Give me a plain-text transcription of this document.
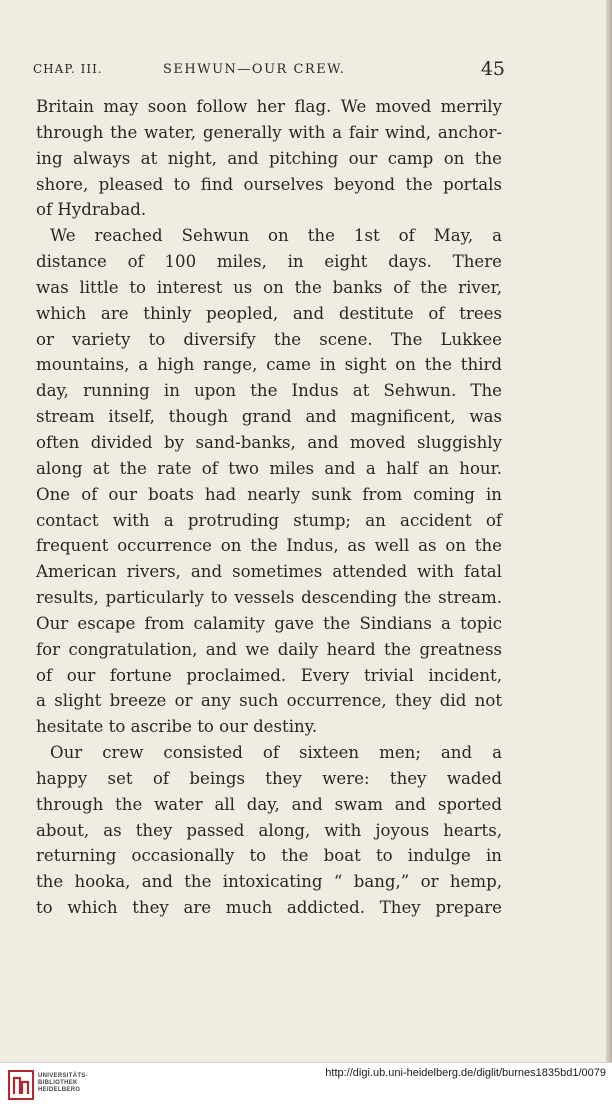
CHAP. III.	SEHWUN—OUR CREW.	45
Britain may soon follow her flag. We moved merrily
through the water, generally with a fair wind, anchor-
ing always at night, and pitching our camp on the
shore, pleased to find ourselves beyond the portals
of Hydrabad.
We reached Sehwun on the 1st of May, a
distance of 100 miles, in eight days. There
was little to interest us on the banks of the river,
which are thinly peopled, and destitute of trees
or variety to diversify the scene. The Lukkee
mountains, a high range, came in sight on the third
day, running in upon the Indus at Sehwun. The
stream itself, though grand and magnificent, was
often divided by sand-banks, and moved sluggishly
along at the rate of two miles and a half an hour.
One of our boats had nearly sunk from coming in
contact with a protruding stump; an accident of
frequent occurrence on the Indus, as well as on the
American rivers, and sometimes attended with fatal
results, particularly to vessels descending the stream.
Our escape from calamity gave the Sindians a topic
for congratulation, and we daily heard the greatness
of our fortune proclaimed. Every trivial incident,
a slight breeze or any such occurrence, they did not
hesitate to ascribe to our destiny.
Our crew consisted of sixteen men; and a
happy set of beings they were: they waded
through the water all day, and swam and sported
about, as they passed along, with joyous hearts,
returning occasionally to the boat to indulge in
the hooka, and the intoxicating “ bang,” or hemp,
to which they are much addicted. They prepare
UNIVERSITÄTS-
BIBLIOTHEK
HEIDELBERG
http://digi.ub.uni-heidelberg.de/diglit/burnes1835bd1/0079
